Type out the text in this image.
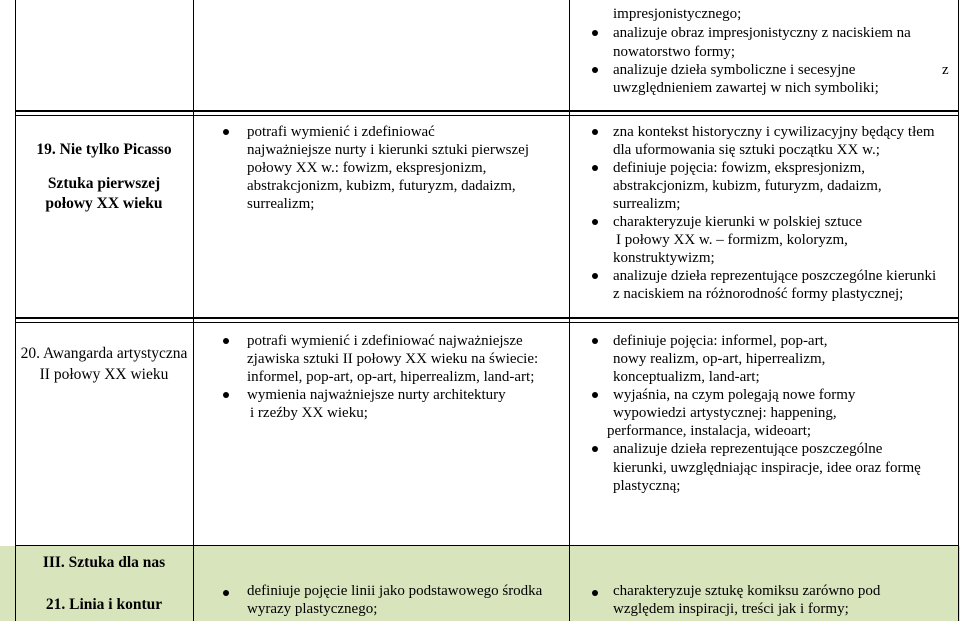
impresjonistycznego;
analizuje obraz impresjonistyczny z naciskiem na
nowatorstwo formy;
analizuje dzieła symboliczne i secesyjne	z
uwzględnieniem zawartej w nich symboliki;
19. Nie tylko Picasso
Sztuka pierwszej
połowy XX wieku
potrafi wymienić i zdefiniować
najważniejsze nurty i kierunki sztuki pierwszej
połowy XX w.: fowizm, ekspresjonizm,
abstrakcjonizm, kubizm, futuryzm, dadaizm,
surrealizm;
zna kontekst historyczny i cywilizacyjny będący tłem
dla uformowania się sztuki początku XX w.;
definiuje pojęcia: fowizm, ekspresjonizm,
abstrakcjonizm, kubizm, futuryzm, dadaizm,
surrealizm;
charakteryzuje kierunki w polskiej sztuce
I połowy XX w. – formizm, koloryzm,
konstruktywizm;
analizuje dzieła reprezentujące poszczególne kierunki
z naciskiem na różnorodność formy plastycznej;
20. Awangarda artystyczna
II połowy XX wieku
potrafi wymienić i zdefiniować najważniejsze
zjawiska sztuki II połowy XX wieku na świecie:
informel, pop-art, op-art, hiperrealizm, land-art;
wymienia najważniejsze nurty architektury
i rzeźby XX wieku;
definiuje pojęcia: informel, pop-art,
nowy realizm, op-art, hiperrealizm,
konceptualizm, land-art;
wyjaśnia, na czym polegają nowe formy
wypowiedzi artystycznej: happening,
performance, instalacja, wideoart;
analizuje dzieła reprezentujące poszczególne
kierunki, uwzględniając inspiracje, idee oraz formę
plastyczną;
III. Sztuka dla nas
21. Linia i kontur
definiuje pojęcie linii jako podstawowego środka
wyrazy plastycznego;
charakteryzuje sztukę komiksu zarówno pod
względem inspiracji, treści jak i formy;
